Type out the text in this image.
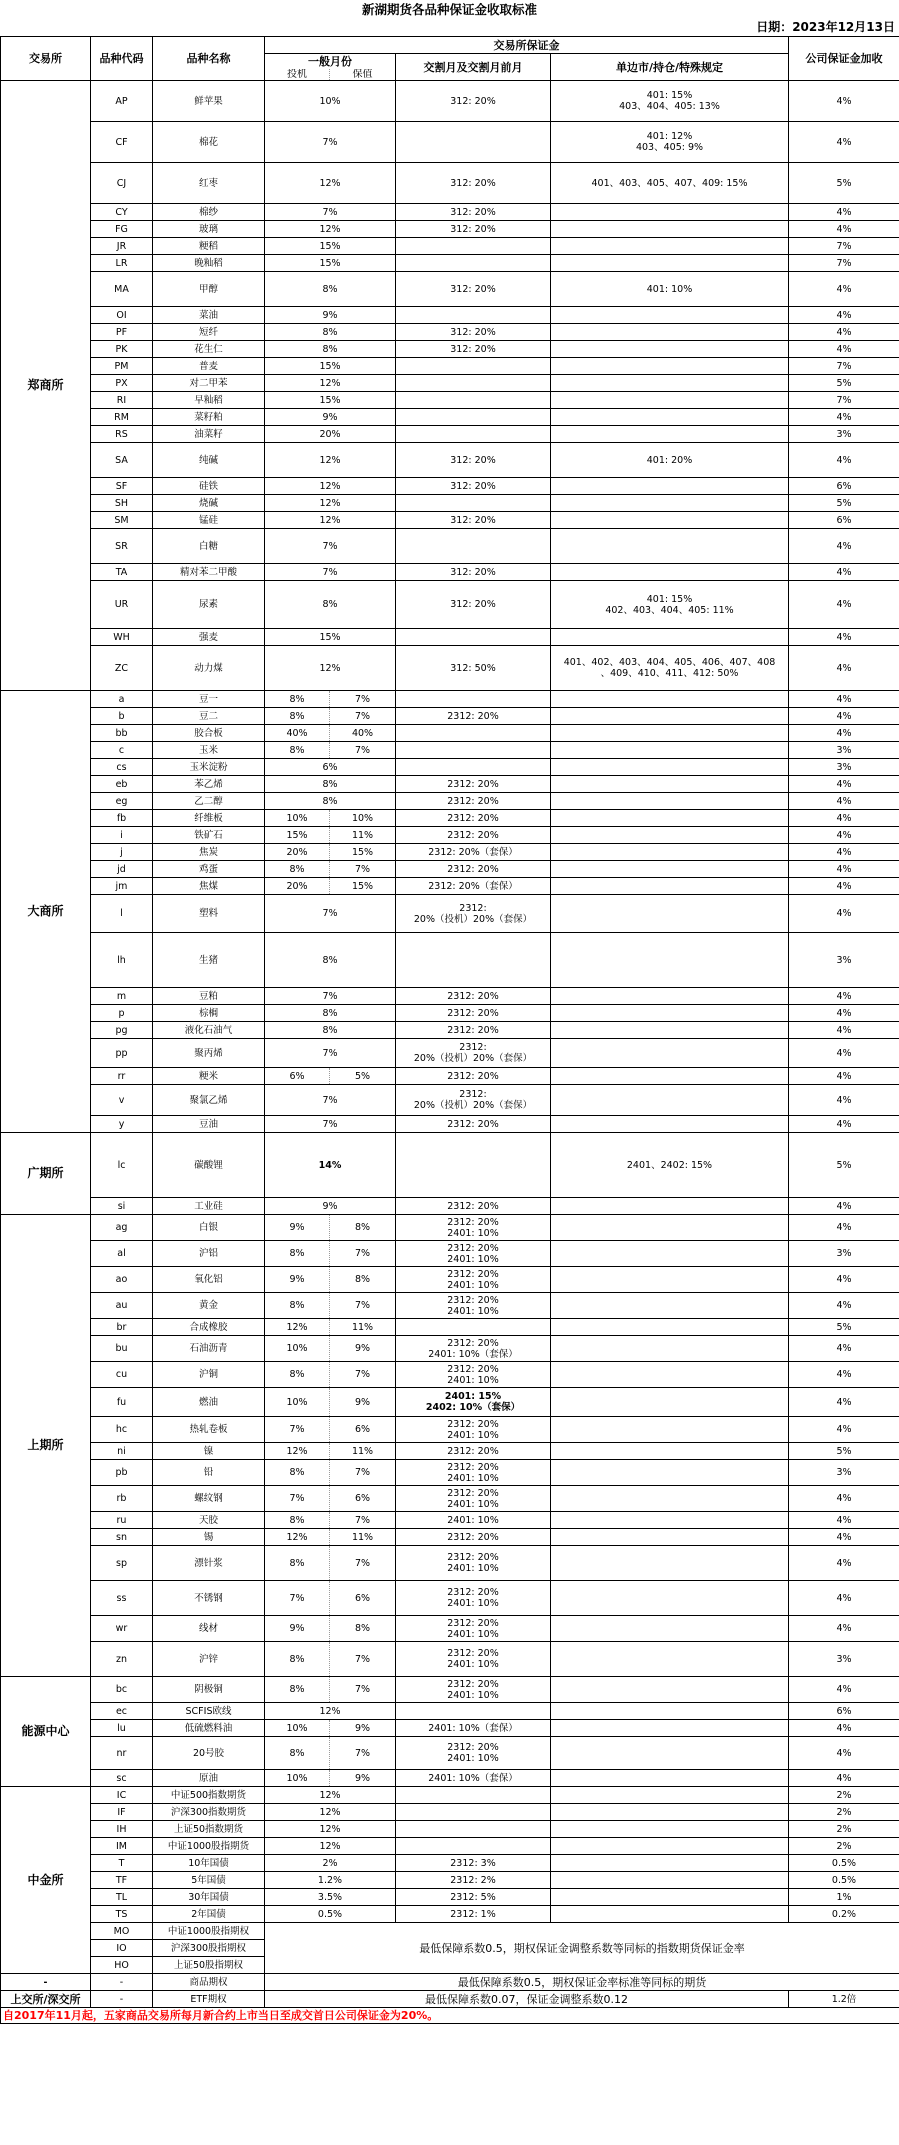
新湖期货各品种保证金收取标准
日期：2023年12月13日
交易所	品种代码	品种名称	交易所保证金				公司保证金加收
			一般月份		交割月及交割月前月	单边市/持仓/特殊规定	
			投机	保值			
郑商所	AP	鲜苹果	10%		312: 20%	401: 15%
403、404、405: 13%	4%
	CF	棉花	7%			401: 12%
403、405: 9%	4%
	CJ	红枣	12%		312: 20%	401、403、405、407、409: 15%	5%
	CY	棉纱	7%		312: 20%		4%
	FG	玻璃	12%		312: 20%		4%
	JR	粳稻	15%				7%
	LR	晚籼稻	15%				7%
	MA	甲醇	8%		312: 20%	401: 10%	4%
	OI	菜油	9%				4%
	PF	短纤	8%		312: 20%		4%
	PK	花生仁	8%		312: 20%		4%
	PM	普麦	15%				7%
	PX	对二甲苯	12%				5%
	RI	早籼稻	15%				7%
	RM	菜籽粕	9%				4%
	RS	油菜籽	20%				3%
	SA	纯碱	12%		312: 20%	401: 20%	4%
	SF	硅铁	12%		312: 20%		6%
	SH	烧碱	12%				5%
	SM	锰硅	12%		312: 20%		6%
	SR	白糖	7%				4%
	TA	精对苯二甲酸	7%		312: 20%		4%
	UR	尿素	8%		312: 20%	401: 15%
402、403、404、405: 11%	4%
	WH	强麦	15%				4%
	ZC	动力煤	12%		312: 50%	401、402、403、404、405、406、407、408
、409、410、411、412: 50%	4%
大商所	a	豆一	8%	7%			4%
	b	豆二	8%	7%	2312: 20%		4%
	bb	胶合板	40%	40%			4%
	c	玉米	8%	7%			3%
	cs	玉米淀粉	6%				3%
	eb	苯乙烯	8%		2312: 20%		4%
	eg	乙二醇	8%		2312: 20%		4%
	fb	纤维板	10%	10%	2312: 20%		4%
	i	铁矿石	15%	11%	2312: 20%		4%
	j	焦炭	20%	15%	2312: 20%（套保）		4%
	jd	鸡蛋	8%	7%	2312: 20%		4%
	jm	焦煤	20%	15%	2312: 20%（套保）		4%
	l	塑料	7%		2312:
20%（投机）20%（套保）		4%
	lh	生猪	8%				3%
	m	豆粕	7%		2312: 20%		4%
	p	棕榈	8%		2312: 20%		4%
	pg	液化石油气	8%		2312: 20%		4%
	pp	聚丙烯	7%		2312:
20%（投机）20%（套保）		4%
	rr	粳米	6%	5%	2312: 20%		4%
	v	聚氯乙烯	7%		2312:
20%（投机）20%（套保）		4%
	y	豆油	7%		2312: 20%		4%
广期所	lc	碳酸锂	14%			2401、2402: 15%	5%
	si	工业硅	9%		2312: 20%		4%
上期所	ag	白银	9%	8%	2312: 20%
2401: 10%		4%
	al	沪铝	8%	7%	2312: 20%
2401: 10%		3%
	ao	氧化铝	9%	8%	2312: 20%
2401: 10%		4%
	au	黄金	8%	7%	2312: 20%
2401: 10%		4%
	br	合成橡胶	12%	11%			5%
	bu	石油沥青	10%	9%	2312: 20%
2401: 10%（套保）		4%
	cu	沪铜	8%	7%	2312: 20%
2401: 10%		4%
	fu	燃油	10%	9%	2401: 15%
2402: 10%（套保）		4%
	hc	热轧卷板	7%	6%	2312: 20%
2401: 10%		4%
	ni	镍	12%	11%	2312: 20%		5%
	pb	铅	8%	7%	2312: 20%
2401: 10%		3%
	rb	螺纹钢	7%	6%	2312: 20%
2401: 10%		4%
	ru	天胶	8%	7%	2401: 10%		4%
	sn	锡	12%	11%	2312: 20%		4%
	sp	漂针浆	8%	7%	2312: 20%
2401: 10%		4%
	ss	不锈钢	7%	6%	2312: 20%
2401: 10%		4%
	wr	线材	9%	8%	2312: 20%
2401: 10%		4%
	zn	沪锌	8%	7%	2312: 20%
2401: 10%		3%
能源中心	bc	阴极铜	8%	7%	2312: 20%
2401: 10%		4%
	ec	SCFIS欧线	12%				6%
	lu	低硫燃料油	10%	9%	2401: 10%（套保）		4%
	nr	20号胶	8%	7%	2312: 20%
2401: 10%		4%
	sc	原油	10%	9%	2401: 10%（套保）		4%
中金所	IC	中证500指数期货	12%				2%
	IF	沪深300指数期货	12%				2%
	IH	上证50指数期货	12%				2%
	IM	中证1000股指期货	12%				2%
	T	10年国债	2%		2312: 3%		0.5%
	TF	5年国债	1.2%		2312: 2%		0.5%
	TL	30年国债	3.5%		2312: 5%		1%
	TS	2年国债	0.5%		2312: 1%		0.2%
	MO	中证1000股指期权	最低保障系数0.5，期权保证金调整系数等同标的指数期货保证金率				
	IO	沪深300股指期权					
	HO	上证50股指期权					
-	-	商品期权	最低保障系数0.5，期权保证金率标准等同标的期货				
上交所/深交所	-	ETF期权	最低保障系数0.07，保证金调整系数0.12				1.2倍
自2017年11月起，五家商品交易所每月新合约上市当日至成交首日公司保证金为20%。							
